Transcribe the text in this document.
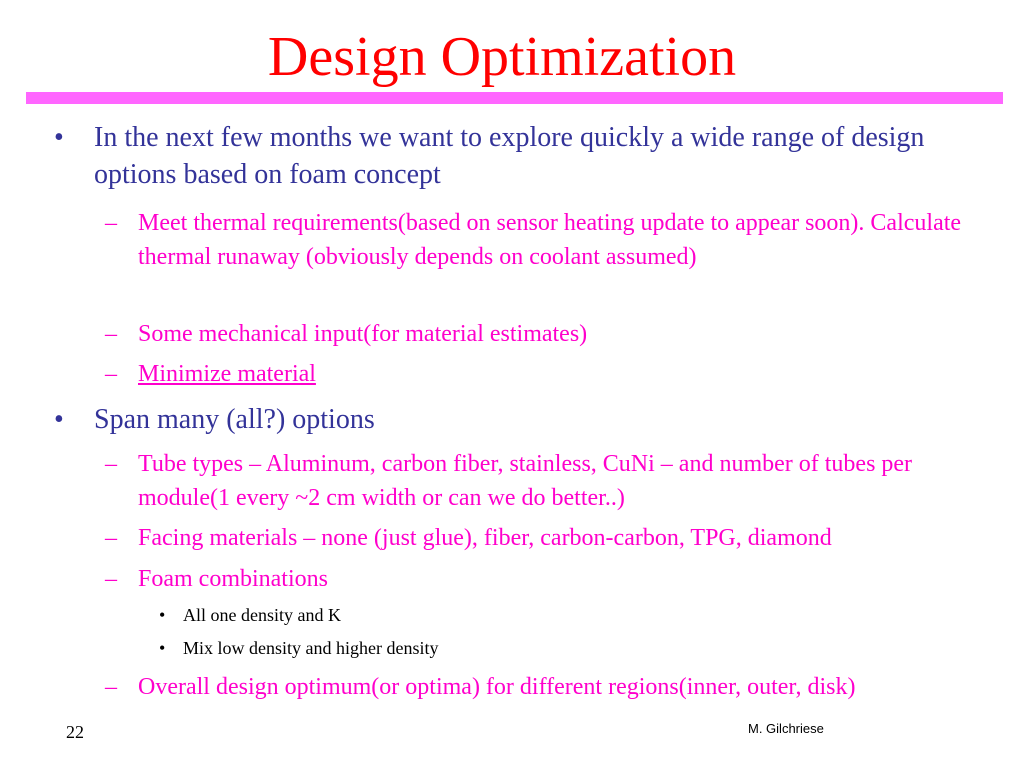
Design Optimization
• In the next few months we want to explore quickly a wide range of design options based on foam concept
– Meet thermal requirements(based on sensor heating update to appear soon). Calculate thermal runaway (obviously depends on coolant assumed)
– Some mechanical input(for material estimates)
– Minimize material
• Span many (all?) options
– Tube types – Aluminum, carbon fiber, stainless, CuNi – and number of tubes per module(1 every ~2 cm width or can we do better..)
– Facing materials – none (just glue), fiber, carbon-carbon, TPG, diamond
– Foam combinations
• All one density and K
• Mix low density and higher density
– Overall design optimum(or optima) for different regions(inner, outer, disk)
22	M. Gilchriese
